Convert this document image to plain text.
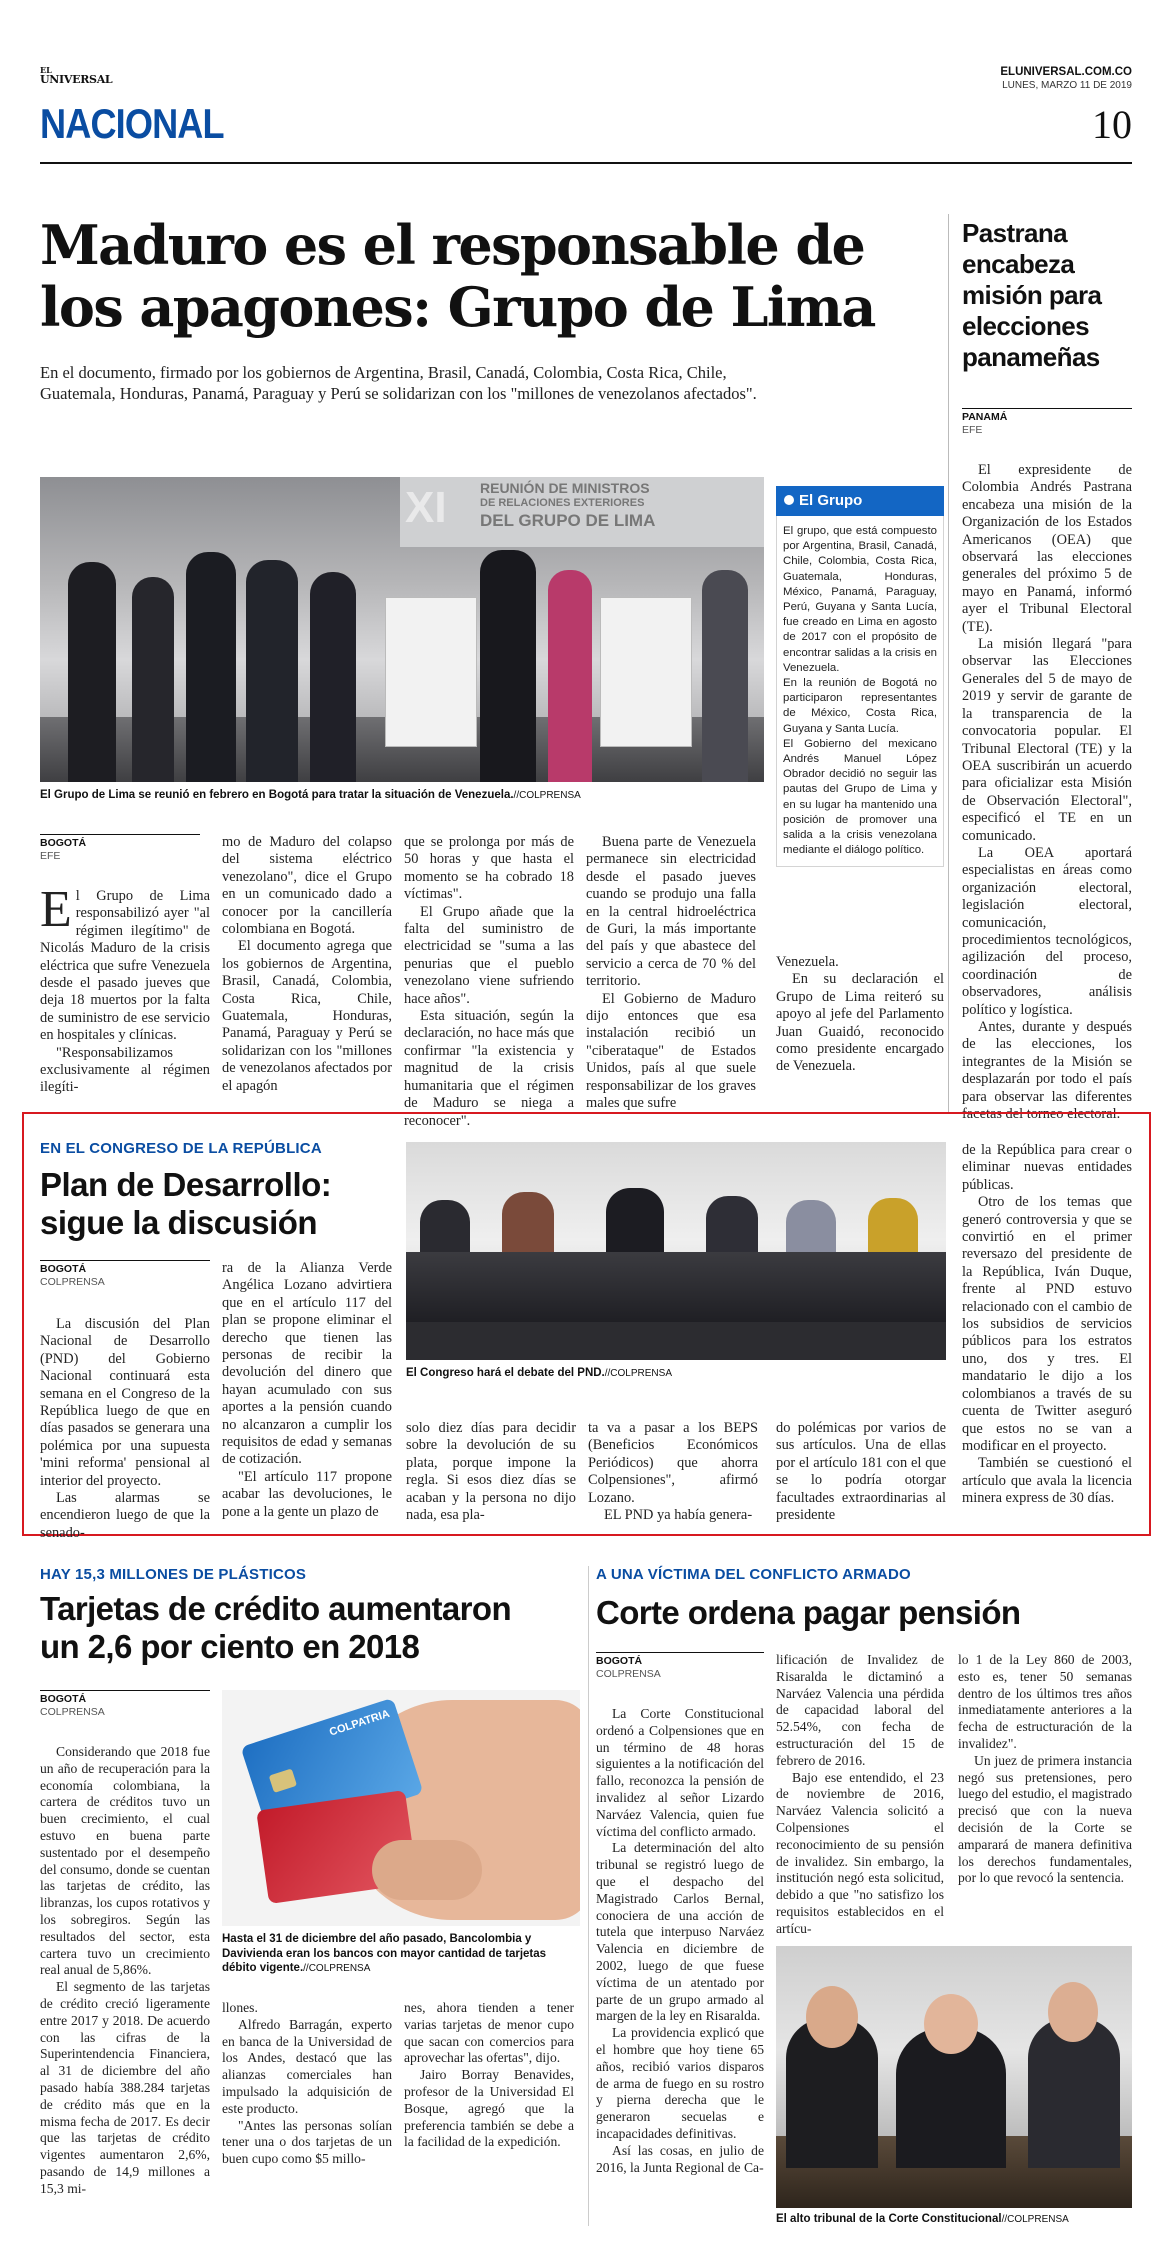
EL
UNIVERSAL
ELUNIVERSAL.COM.CO
LUNES, MARZO 11 DE 2019
NACIONAL	10
Maduro es el responsable de
los apagones: Grupo de Lima
En el documento, firmado por los gobiernos de Argentina, Brasil, Canadá, Colombia, Costa Rica, Chile,
Guatemala, Honduras, Panamá, Paraguay y Perú se solidarizan con los "millones de venezolanos afectados".
XI REUNIÓN DE MINISTROS
DE RELACIONES EXTERIORES
DEL GRUPO DE LIMA
El Grupo de Lima se reunió en febrero en Bogotá para tratar la situación de Venezuela.//COLPRENSA
BOGOTÁ
EFE

El Grupo de Lima responsabilizó ayer "al régimen ilegítimo" de Nicolás Maduro de la crisis eléctrica que sufre Venezuela desde el pasado jueves que deja 18 muertos por la falta de suministro de ese servicio en hospitales y clínicas.

"Responsabilizamos exclusivamente al régimen ilegíti-

mo de Maduro del colapso del sistema eléctrico venezolano", dice el Grupo en un comunicado dado a conocer por la cancillería colombiana en Bogotá.

El documento agrega que los gobiernos de Argentina, Brasil, Canadá, Colombia, Costa Rica, Chile, Guatemala, Honduras, Panamá, Paraguay y Perú se solidarizan con los "millones de venezolanos afectados por el apagón

que se prolonga por más de 50 horas y que hasta el momento se ha cobrado 18 víctimas".

El Grupo añade que la falta del suministro de electricidad se "suma a las penurias que el pueblo venezolano viene sufriendo hace años".

Esta situación, según la declaración, no hace más que confirmar "la existencia y magnitud de la crisis humanitaria que el régimen de Maduro se niega a reconocer".

Buena parte de Venezuela permanece sin electricidad desde el pasado jueves cuando se produjo una falla en la central hidroeléctrica de Guri, la más importante del país y que abastece del servicio a cerca de 70 % del territorio.

El Gobierno de Maduro dijo entonces que esa instalación recibió un "ciberataque" de Estados Unidos, país al que suele responsabilizar de los graves males que sufre

Venezuela.

En su declaración el Grupo de Lima reiteró su apoyo al jefe del Parlamento Juan Guaidó, reconocido como presidente encargado de Venezuela.

El Grupo

El grupo, que está compuesto por Argentina, Brasil, Canadá, Chile, Colombia, Costa Rica, Guatemala, Honduras, México, Panamá, Paraguay, Perú, Guyana y Santa Lucía, fue creado en Lima en agosto de 2017 con el propósito de encontrar salidas a la crisis en Venezuela.

En la reunión de Bogotá no participaron representantes de México, Costa Rica, Guyana y Santa Lucía.

El Gobierno del mexicano Andrés Manuel López Obrador decidió no seguir las pautas del Grupo de Lima y en su lugar ha mantenido una posición de promover una salida a la crisis venezolana mediante el diálogo político.

Pastrana
encabeza
misión para
elecciones
panameñas
PANAMÁ
EFE

El expresidente de Colombia Andrés Pastrana encabeza una misión de la Organización de los Estados Americanos (OEA) que observará las elecciones generales del próximo 5 de mayo en Panamá, informó ayer el Tribunal Electoral (TE).

La misión llegará "para observar las Elecciones Generales del 5 de mayo de 2019 y servir de garante de la transparencia de la convocatoria popular. El Tribunal Electoral (TE) y la OEA suscribirán un acuerdo para oficializar esta Misión de Observación Electoral", especificó el TE en un comunicado.

La OEA aportará especialistas en áreas como organización electoral, legislación electoral, comunicación, procedimientos tecnológicos, agilización del proceso, coordinación de observadores, análisis político y logística.

Antes, durante y después de las elecciones, los integrantes de la Misión se desplazarán por todo el país para observar las diferentes facetas del torneo electoral.

EN EL CONGRESO DE LA REPÚBLICA
Plan de Desarrollo:
sigue la discusión
BOGOTÁ
COLPRENSA

La discusión del Plan Nacional de Desarrollo (PND) del Gobierno Nacional continuará esta semana en el Congreso de la República luego de que en días pasados se generara una polémica por una supuesta 'mini reforma' pensional al interior del proyecto.

Las alarmas se encendieron luego de que la senado-

ra de la Alianza Verde Angélica Lozano advirtiera que en el artículo 117 del plan se propone eliminar el derecho que tienen las personas de recibir la devolución del dinero que hayan acumulado con sus aportes a la pensión cuando no alcanzaron a cumplir los requisitos de edad y semanas de cotización.

"El artículo 117 propone acabar las devoluciones, le pone a la gente un plazo de

El Congreso hará el debate del PND.//COLPRENSA

solo diez días para decidir sobre la devolución de su plata, porque impone la regla. Si esos diez días se acaban y la persona no dijo nada, esa pla-

ta va a pasar a los BEPS (Beneficios Económicos Periódicos) que ahorra Colpensiones", afirmó Lozano.

EL PND ya había genera-

do polémicas por varios de sus artículos. Una de ellas por el artículo 181 con el que se lo podría otorgar facultades extraordinarias al presidente

de la República para crear o eliminar nuevas entidades públicas.

Otro de los temas que generó controversia y que se convirtió en el primer reversazo del presidente de la República, Iván Duque, frente al PND estuvo relacionado con el cambio de los subsidios de servicios públicos para los estratos uno, dos y tres. El mandatario le dijo a los colombianos a través de su cuenta de Twitter aseguró que estos no se van a modificar en el proyecto.

También se cuestionó el artículo que avala la licencia minera express de 30 días.

HAY 15,3 MILLONES DE PLÁSTICOS
Tarjetas de crédito aumentaron
un 2,6 por ciento en 2018
BOGOTÁ
COLPRENSA

Considerando que 2018 fue un año de recuperación para la economía colombiana, la cartera de créditos tuvo un buen crecimiento, el cual estuvo en buena parte sustentado por el desempeño del consumo, donde se cuentan las tarjetas de crédito, las libranzas, los cupos rotativos y los sobregiros. Según las resultados del sector, esta cartera tuvo un crecimiento real anual de 5,86%.

El segmento de las tarjetas de crédito creció ligeramente entre 2017 y 2018. De acuerdo con las cifras de la Superintendencia Financiera, al 31 de diciembre del año pasado había 388.284 tarjetas de crédito más que en la misma fecha de 2017. Es decir que las tarjetas de crédito vigentes aumentaron 2,6%, pasando de 14,9 millones a 15,3 mi-

COLPATRIA
Hasta el 31 de diciembre del año pasado, Bancolombia y Davivienda eran los bancos con mayor cantidad de tarjetas débito vigente.//COLPRENSA

llones.

Alfredo Barragán, experto en banca de la Universidad de los Andes, destacó que las alianzas comerciales han impulsado la adquisición de este producto.

"Antes las personas solían tener una o dos tarjetas de un buen cupo como $5 millo-

nes, ahora tienden a tener varias tarjetas de menor cupo que sacan con comercios para aprovechar las ofertas", dijo.

Jairo Borray Benavides, profesor de la Universidad El Bosque, agregó que la preferencia también se debe a la facilidad de la expedición.

A UNA VÍCTIMA DEL CONFLICTO ARMADO
Corte ordena pagar pensión
BOGOTÁ
COLPRENSA

La Corte Constitucional ordenó a Colpensiones que en un término de 48 horas siguientes a la notificación del fallo, reconozca la pensión de invalidez al señor Lizardo Narváez Valencia, quien fue víctima del conflicto armado.

La determinación del alto tribunal se registró luego de que el despacho del Magistrado Carlos Bernal, conociera de una acción de tutela que interpuso Narváez Valencia en diciembre de 2002, luego de que fuese víctima de un atentado por parte de un grupo armado al margen de la ley en Risaralda.

La providencia explicó que el hombre que hoy tiene 65 años, recibió varios disparos de arma de fuego en su rostro y pierna derecha que le generaron secuelas e incapacidades definitivas.

Así las cosas, en julio de 2016, la Junta Regional de Ca-

lificación de Invalidez de Risaralda le dictaminó a Narváez Valencia una pérdida de capacidad laboral del 52.54%, con fecha de estructuración del 15 de febrero de 2016.

Bajo ese entendido, el 23 de noviembre de 2016, Narváez Valencia solicitó a Colpensiones el reconocimiento de su pensión de invalidez. Sin embargo, la institución negó esta solicitud, debido a que "no satisfizo los requisitos establecidos en el artícu-

lo 1 de la Ley 860 de 2003, esto es, tener 50 semanas dentro de los últimos tres años inmediatamente anteriores a la fecha de estructuración de la invalidez".

Un juez de primera instancia negó sus pretensiones, pero luego del estudio, el magistrado precisó que con la nueva decisión de la Corte se amparará de manera definitiva los derechos fundamentales, por lo que revocó la sentencia.

El alto tribunal de la Corte Constitucional//COLPRENSA
